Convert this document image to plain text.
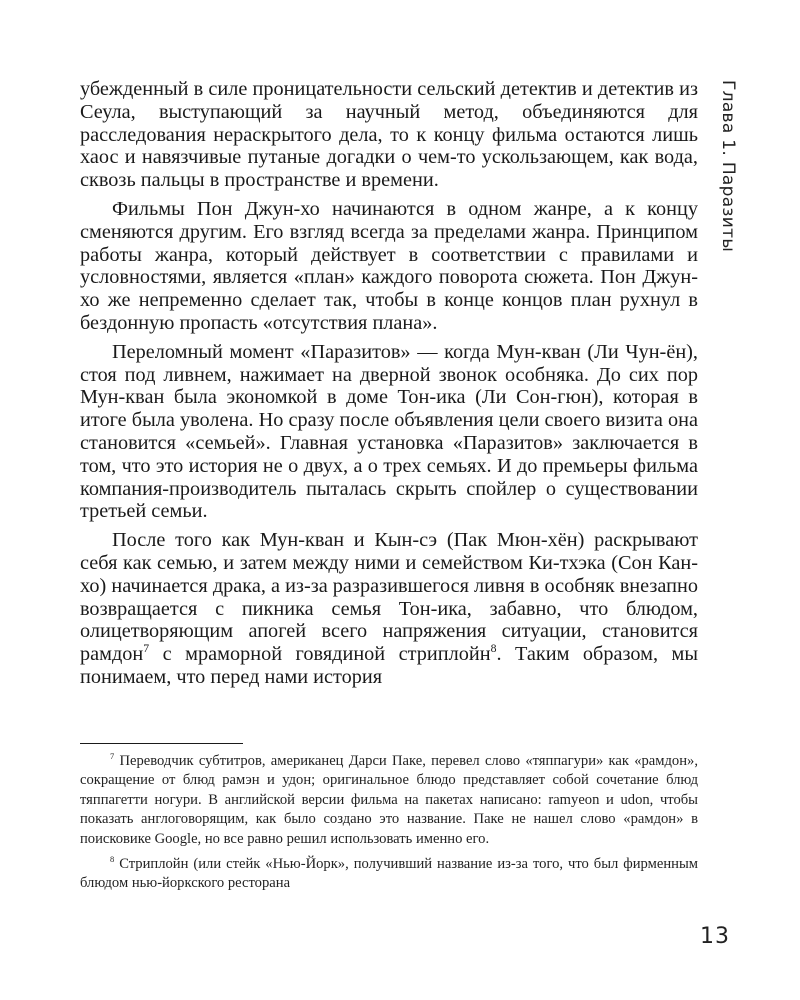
убежденный в силе проницательности сельский детектив и детектив из Сеула, выступающий за научный метод, объединяются для расследования нераскрытого дела, то к концу фильма остаются лишь хаос и навязчивые путаные догадки о чем-то ускользающем, как вода, сквозь пальцы в пространстве и времени.

Фильмы Пон Джун-хо начинаются в одном жанре, а к концу сменяются другим. Его взгляд всегда за пределами жанра. Принципом работы жанра, который действует в соответствии с правилами и условностями, является «план» каждого поворота сюжета. Пон Джун-хо же непременно сделает так, чтобы в конце концов план рухнул в бездонную пропасть «отсутствия плана».

Переломный момент «Паразитов» — когда Мун-кван (Ли Чун-ён), стоя под ливнем, нажимает на дверной звонок особняка. До сих пор Мун-кван была экономкой в доме Тон-ика (Ли Сон-гюн), которая в итоге была уволена. Но сразу после объявления цели своего визита она становится «семьей». Главная установка «Паразитов» заключается в том, что это история не о двух, а о трех семьях. И до премьеры фильма компания-производитель пыталась скрыть спойлер о существовании третьей семьи.

После того как Мун-кван и Кын-сэ (Пак Мюн-хён) раскрывают себя как семью, и затем между ними и семейством Ки-тхэка (Сон Кан-хо) начинается драка, а из-за разразившегося ливня в особняк внезапно возвращается с пикника семья Тон-ика, забавно, что блюдом, олицетворяющим апогей всего напряжения ситуации, становится рамдон$^7$ с мраморной говядиной стриплойн$^8$. Таким образом, мы понимаем, что перед нами история

$^7$ Переводчик субтитров, американец Дарси Паке, перевел слово «тяппагури» как «рамдон», сокращение от блюд рамэн и удон; оригинальное блюдо представляет собой сочетание блюд тяппагетти ногури. В английской версии фильма на пакетах написано: ramyeon и udon, чтобы показать англоговорящим, как было создано это название. Паке не нашел слово «рамдон» в поисковике Google, но все равно решил использовать именно его.

$^8$ Стриплойн (или стейк «Нью-Йорк», получивший название из-за того, что был фирменным блюдом нью-йоркского ресторана

Глава 1. Паразиты
13
